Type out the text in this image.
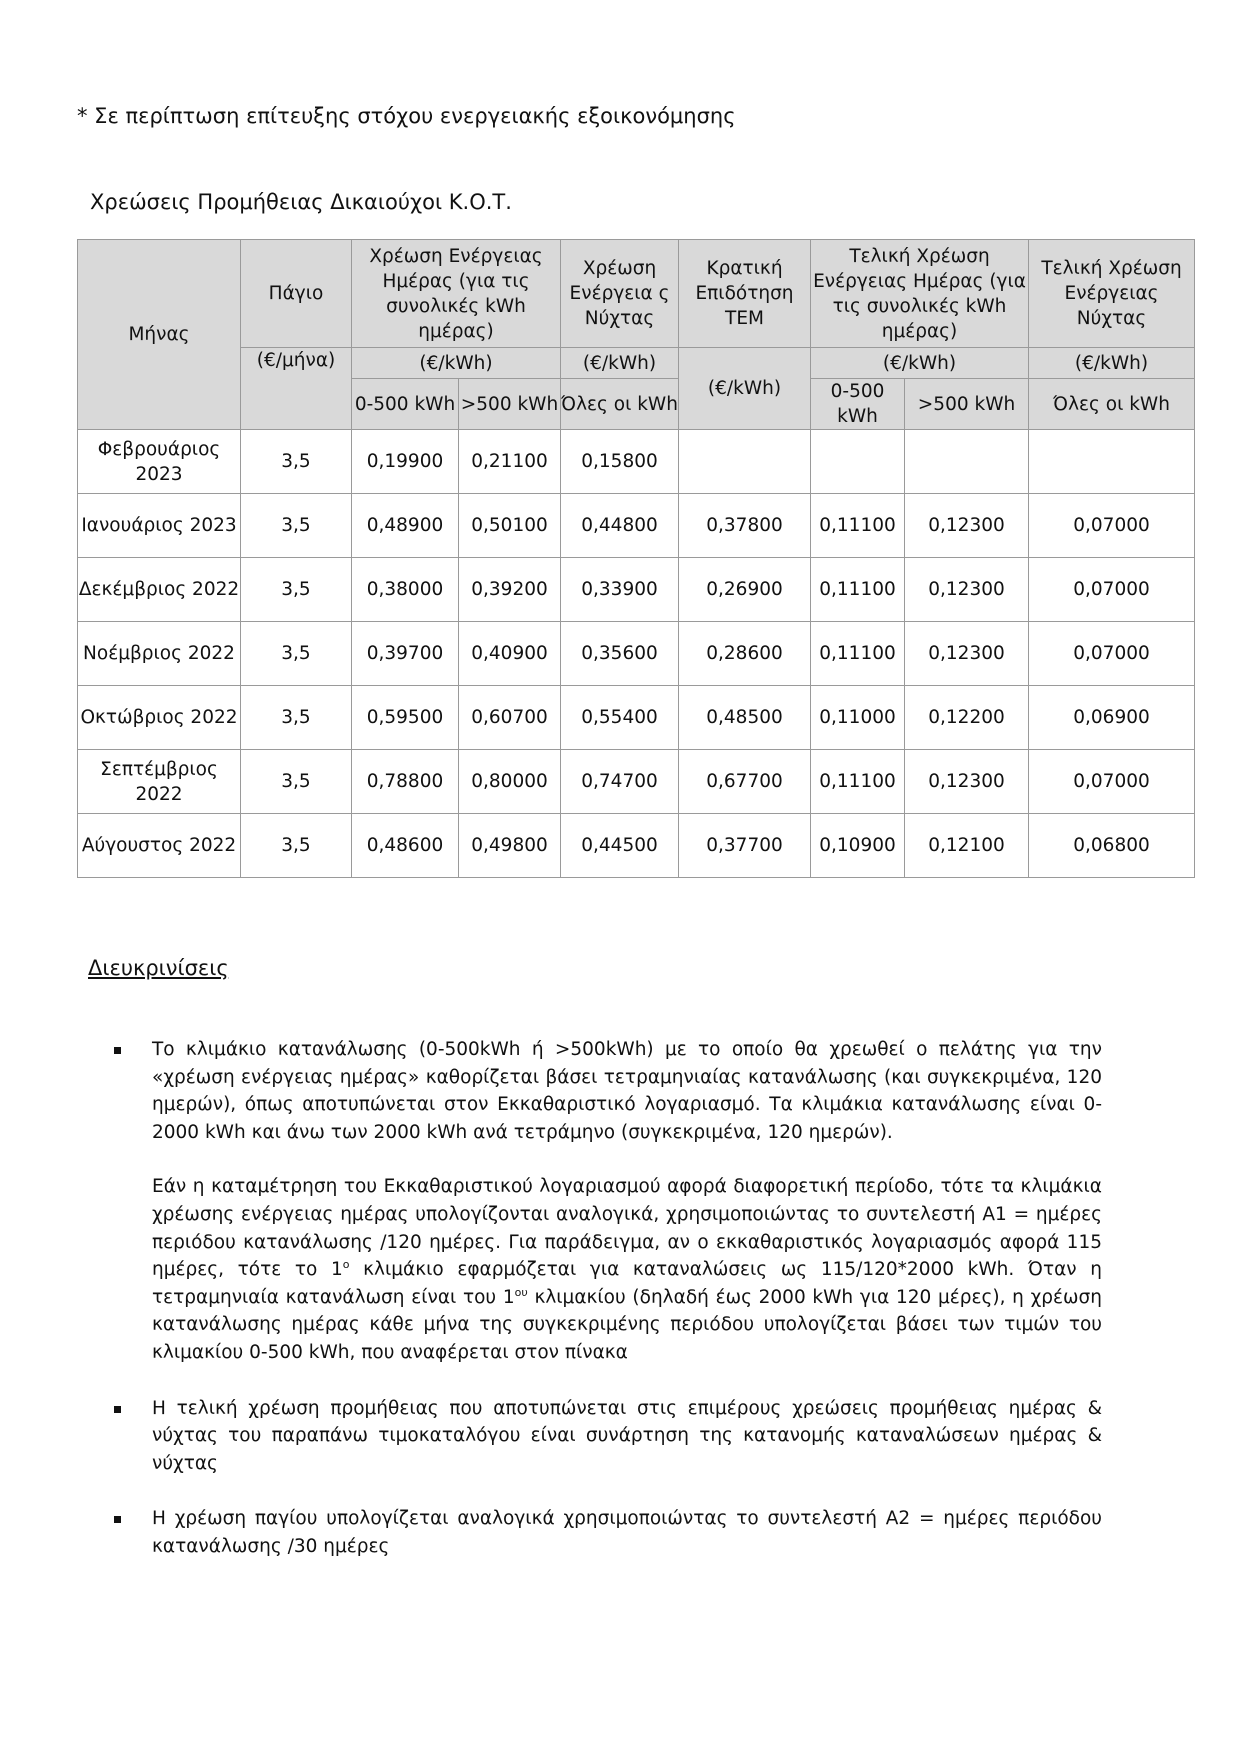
* Σε περίπτωση επίτευξης στόχου ενεργειακής εξοικονόμησης
Χρεώσεις Προμήθειας Δικαιούχοι Κ.Ο.Τ.
Μήνας	Πάγιο	Χρέωση Ενέργειας Ημέρας (για τις συνολικές kWh ημέρας)		Χρέωση Ενέργεια ς Νύχτας	Κρατική Επιδότηση ΤΕΜ	Τελική Χρέωση Ενέργειας Ημέρας (για τις συνολικές kWh ημέρας)		Τελική Χρέωση Ενέργειας Νύχτας
	(€/μήνα)	(€/kWh)		(€/kWh)	(€/kWh)	(€/kWh)		(€/kWh)
		0-500 kWh	>500 kWh	Όλες οι kWh		0-500 kWh	>500 kWh	Όλες οι kWh
Φεβρουάριος 2023	3,5	0,19900	0,21100	0,15800				
Ιανουάριος 2023	3,5	0,48900	0,50100	0,44800	0,37800	0,11100	0,12300	0,07000
Δεκέμβριος 2022	3,5	0,38000	0,39200	0,33900	0,26900	0,11100	0,12300	0,07000
Νοέμβριος 2022	3,5	0,39700	0,40900	0,35600	0,28600	0,11100	0,12300	0,07000
Οκτώβριος 2022	3,5	0,59500	0,60700	0,55400	0,48500	0,11000	0,12200	0,06900
Σεπτέμβριος 2022	3,5	0,78800	0,80000	0,74700	0,67700	0,11100	0,12300	0,07000
Αύγουστος 2022	3,5	0,48600	0,49800	0,44500	0,37700	0,10900	0,12100	0,06800
Διευκρινίσεις

Το κλιμάκιο κατανάλωσης (0-500kWh ή >500kWh) με το οποίο θα χρεωθεί ο πελάτης για την «χρέωση ενέργειας ημέρας» καθορίζεται βάσει τετραμηνιαίας κατανάλωσης (και συγκεκριμένα, 120 ημερών), όπως αποτυπώνεται στον Εκκαθαριστικό λογαριασμό. Τα κλιμάκια κατανάλωσης είναι 0-2000 kWh και άνω των 2000 kWh ανά τετράμηνο (συγκεκριμένα, 120 ημερών).

Εάν η καταμέτρηση του Εκκαθαριστικού λογαριασμού αφορά διαφορετική περίοδο, τότε τα κλιμάκια χρέωσης ενέργειας ημέρας υπολογίζονται αναλογικά, χρησιμοποιώντας το συντελεστή Α1 = ημέρες περιόδου κατανάλωσης /120 ημέρες. Για παράδειγμα, αν ο εκκαθαριστικός λογαριασμός αφορά 115 ημέρες, τότε το $1^o$ κλιμάκιο εφαρμόζεται για καταναλώσεις ως 115/120*2000 kWh. Όταν η τετραμηνιαία κατανάλωση είναι του $1^{o\upsilon}$ κλιμακίου (δηλαδή έως 2000 kWh για 120 μέρες), η χρέωση κατανάλωσης ημέρας κάθε μήνα της συγκεκριμένης περιόδου υπολογίζεται βάσει των τιμών του κλιμακίου 0-500 kWh, που αναφέρεται στον πίνακα

Η τελική χρέωση προμήθειας που αποτυπώνεται στις επιμέρους χρεώσεις προμήθειας ημέρας & νύχτας του παραπάνω τιμοκαταλόγου είναι συνάρτηση της κατανομής καταναλώσεων ημέρας & νύχτας

Η χρέωση παγίου υπολογίζεται αναλογικά χρησιμοποιώντας το συντελεστή Α2 = ημέρες περιόδου κατανάλωσης /30 ημέρες
